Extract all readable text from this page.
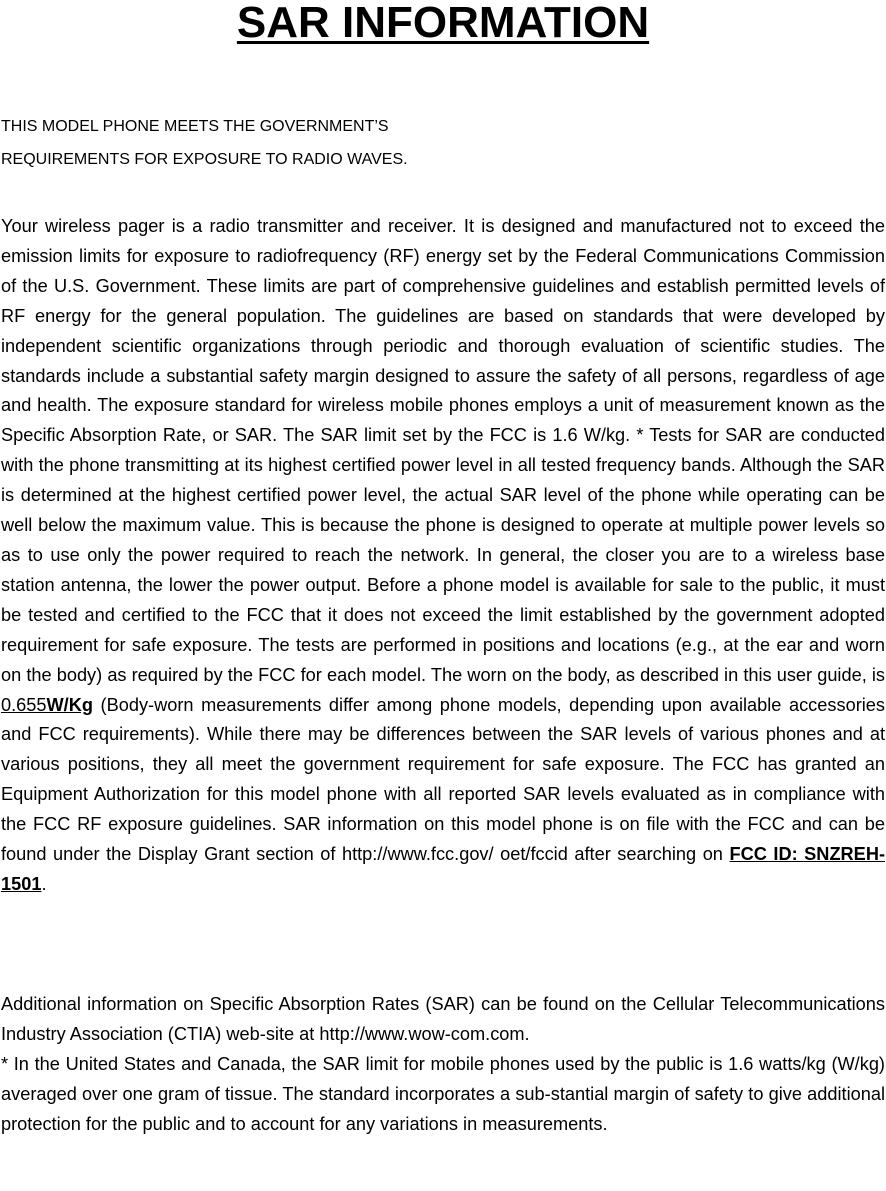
SAR INFORMATION
THIS MODEL PHONE MEETS THE GOVERNMENT’S
REQUIREMENTS FOR EXPOSURE TO RADIO WAVES.
Your wireless pager is a radio transmitter and receiver. It is designed and manufactured not to exceed the emission limits for exposure to radiofrequency (RF) energy set by the Federal Communications Commission of the U.S. Government. These limits are part of comprehensive guidelines and establish permitted levels of RF energy for the general population. The guidelines are based on standards that were developed by independent scientific organizations through periodic and thorough evaluation of scientific studies. The standards include a substantial safety margin designed to assure the safety of all persons, regardless of age and health. The exposure standard for wireless mobile phones employs a unit of measurement known as the Specific Absorption Rate, or SAR. The SAR limit set by the FCC is 1.6 W/kg. * Tests for SAR are conducted with the phone transmitting at its highest certified power level in all tested frequency bands. Although the SAR is determined at the highest certified power level, the actual SAR level of the phone while operating can be well below the maximum value. This is because the phone is designed to operate at multiple power levels so as to use only the power required to reach the network. In general, the closer you are to a wireless base station antenna, the lower the power output. Before a phone model is available for sale to the public, it must be tested and certified to the FCC that it does not exceed the limit established by the government adopted requirement for safe exposure. The tests are performed in positions and locations (e.g., at the ear and worn on the body) as required by the FCC for each model. The worn on the body, as described in this user guide, is 0.655W/Kg (Body-worn measurements differ among phone models, depending upon available accessories and FCC requirements). While there may be differences between the SAR levels of various phones and at various positions, they all meet the government requirement for safe exposure. The FCC has granted an Equipment Authorization for this model phone with all reported SAR levels evaluated as in compliance with the FCC RF exposure guidelines. SAR information on this model phone is on file with the FCC and can be found under the Display Grant section of http://www.fcc.gov/ oet/fccid after searching on FCC ID: SNZREH-1501.
Additional information on Specific Absorption Rates (SAR) can be found on the Cellular Telecommunications Industry Association (CTIA) web-site at http://www.wow-com.com.
* In the United States and Canada, the SAR limit for mobile phones used by the public is 1.6 watts/kg (W/kg) averaged over one gram of tissue. The standard incorporates a sub-stantial margin of safety to give additional protection for the public and to account for any variations in measurements.
